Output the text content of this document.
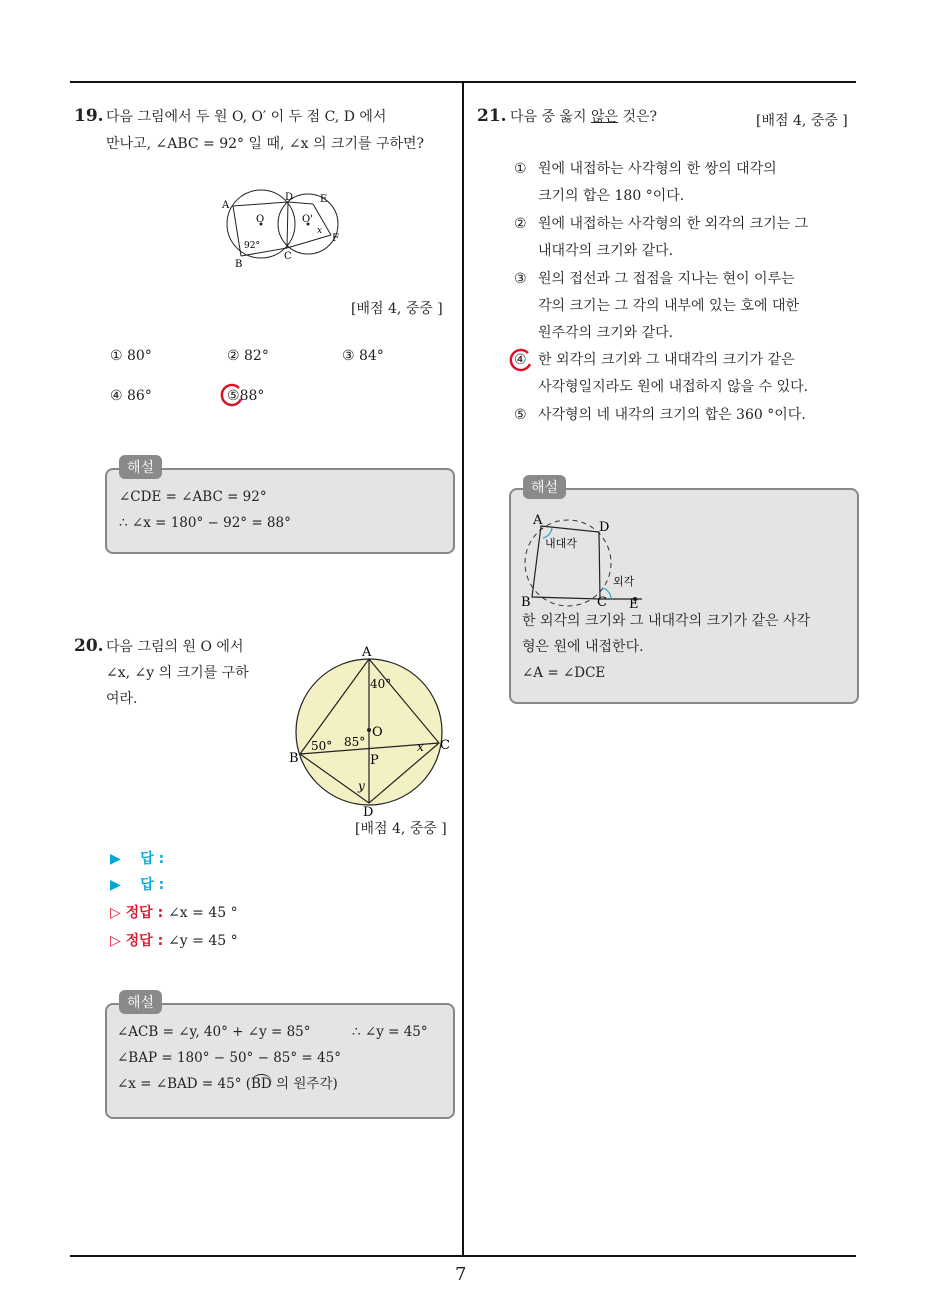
7
19. 다음 그림에서 두 원 O, O′ 이 두 점 C, D 에서
만나고, ∠ABC = 92° 일 때, ∠x 의 크기를 구하면?
A
B
C
D	E
F
O	O'
92°
x
[배점 4, 중중 ]
① 80°	② 82°	③ 84°
④ 86°	⑤88°
해설
∠CDE = ∠ABC = 92°
∴ ∠x = 180° − 92° = 88°
20. 다음 그림의 원 O 에서
∠x, ∠y 의 크기를 구하
여라.
A
B
C
D
O
P
40°
50° 85°	x
y
[배점 4, 중중 ]
▶ 답 :
▶ 답 :
▷ 정답 : ∠x = 45 °
▷ 정답 : ∠y = 45 °
해설
∠ACB = ∠y, 40° + ∠y = 85°	∴ ∠y = 45°
∠BAP = 180° − 50° − 85° = 45°
∠x = ∠BAD = 45° (BD 의 원주각)
21. 다음 중 옳지 않은 것은?	[배점 4, 중중 ]
① 원에 내접하는 사각형의 한 쌍의 대각의
크기의 합은 180 °이다.
② 원에 내접하는 사각형의 한 외각의 크기는 그
내대각의 크기와 같다.
③ 원의 접선과 그 접점을 지나는 현이 이루는
각의 크기는 그 각의 내부에 있는 호에 대한
원주각의 크기와 같다.
④ 한 외각의 크기와 그 내대각의 크기가 같은
사각형일지라도 원에 내접하지 않을 수 있다.
⑤ 사각형의 네 내각의 크기의 합은 360 °이다.
해설
A	D
B	C E
내대각
외각
한 외각의 크기와 그 내대각의 크기가 같은 사각
형은 원에 내접한다.
∠A = ∠DCE
